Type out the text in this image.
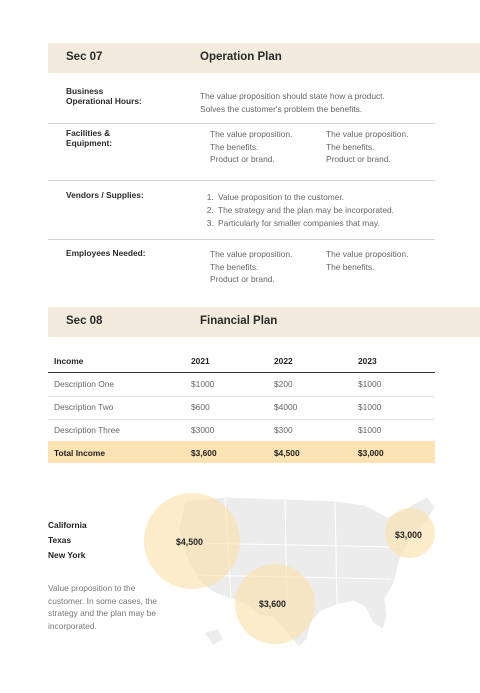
Sec 07	Operation Plan
Business
Operational Hours:	The value proposition should state how a product.
Solves the customer's problem the benefits.
Facilities &
Equipment:
The value proposition.
The benefits.
Product or brand.
The value proposition.
The benefits.
Product or brand.
Vendors / Supplies:
1.	Value proposition to the customer.
2. The strategy and the plan may be incorporated.
3. Particularly for smaller companies that may.
Employees Needed:	The value proposition.
The benefits.
Product or brand.
The value proposition.
The benefits.
Sec 08	Financial Plan
Income	2021	2022	2023
Description One	$1000	$200	$1000
Description Two	$600	$4000	$1000
Description Three	$3000	$300	$1000
Total Income	$3,600	$4,500	$3,000
California
Texas
New York
Value proposition to the customer. In some cases, the strategy and the plan may be incorporated.
$4,500
$3,600
$3,000
